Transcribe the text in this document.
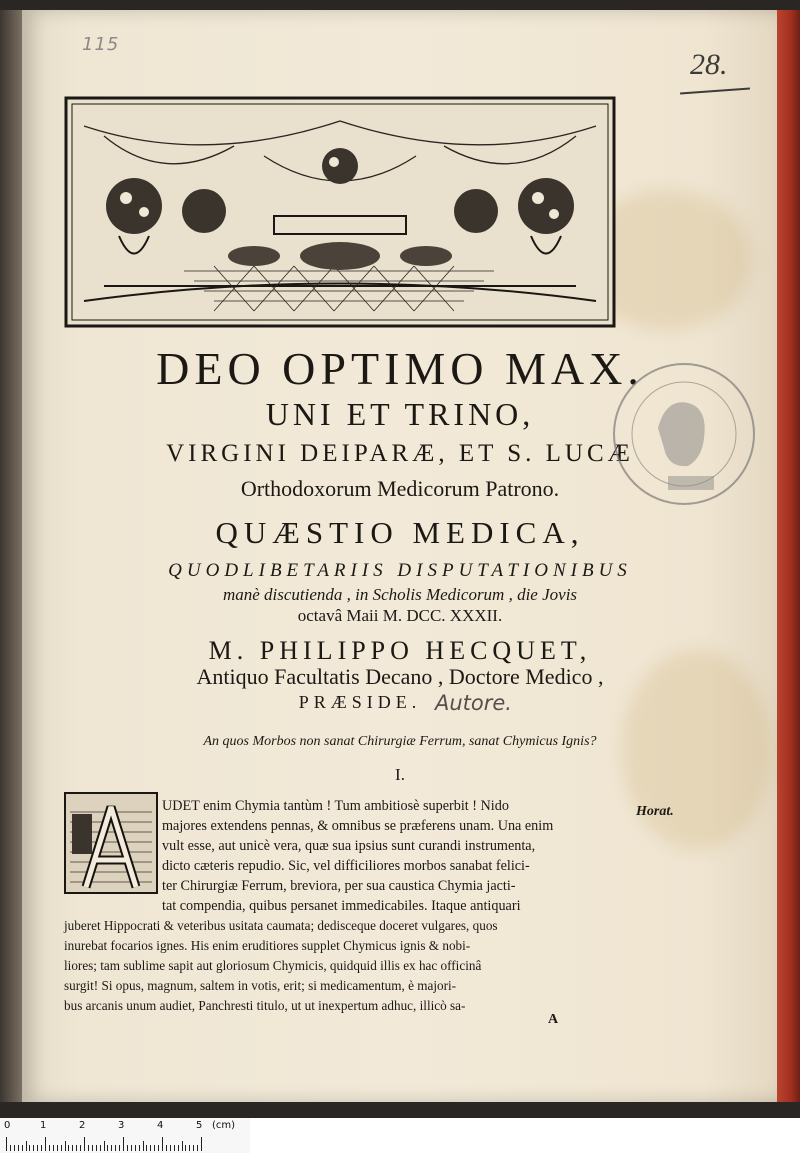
115
28.
DEO OPTIMO MAX.
UNI ET TRINO,
VIRGINI DEIPARÆ, ET S. LUCÆ
Orthodoxorum Medicorum Patrono.
QUÆSTIO MEDICA,
QUODLIBETARIIS DISPUTATIONIBUS
manè discutienda , in Scholis Medicorum , die Jovis
octavâ Maii M. DCC. XXXII.
M. PHILIPPO HECQUET,
Antiquo Facultatis Decano , Doctore Medico ,
PRÆSIDE. Autore.
An quos Morbos non sanat Chirurgiæ Ferrum, sanat Chymicus Ignis?
I.
Horat.
UDET enim Chymia tantùm ! Tum ambitiosè superbit ! Nido
majores extendens pennas, & omnibus se præferens unam. Una enim
vult esse, aut unicè vera, quæ sua ipsius sunt curandi instrumenta,
dicto cæteris repudio. Sic, vel difficiliores morbos sanabat felici-
ter Chirurgiæ Ferrum, breviora, per sua caustica Chymia jacti-
tat compendia, quibus persanet immedicabiles. Itaque antiquari
juberet Hippocrati & veteribus usitata caumata; dedisceque doceret vulgares, quos
inurebat focarios ignes. His enim eruditiores supplet Chymicus ignis & nobi-
liores; tam sublime sapit aut gloriosum Chymicis, quidquid illis ex hac officinâ
surgit! Si opus, magnum, saltem in votis, erit; si medicamentum, è majori-
bus arcanis unum audiet, Panchresti titulo, ut ut inexpertum adhuc, illicò sa-
A
0	1	2	3	4	5 (cm)
